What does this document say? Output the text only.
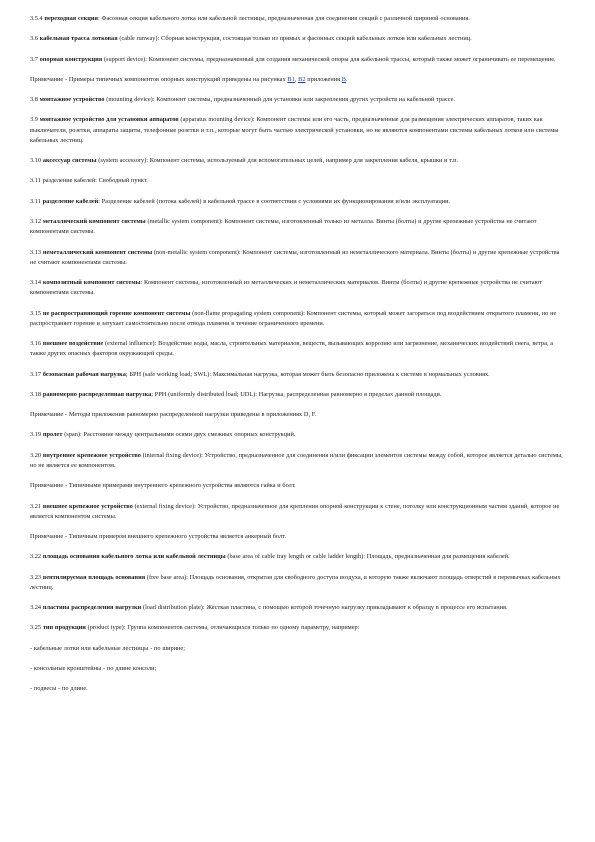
3.5.4 переходная секция: Фасонная секция кабельного лотка или кабельной лестницы, предназначенная для соединения секций с различной шириной основания.

3.6 кабельная трасса лотковая (cable runway): Сборная конструкция, состоящая только из прямых и фасонных секций кабельных лотков или кабельных лестниц.

3.7 опорная конструкция (support device): Компонент системы, предназначенный для создания механической опоры для кабельной трассы, который также может ограничивать ее перемещение.

Примечание - Примеры типичных компонентов опорных конструкций приведены на рисунках В1, В2 приложения В.

3.8 монтажное устройство (mounting device): Компонент системы, предназначенный для установки или закрепления других устройств на кабельной трассе.

3.9 монтажное устройство для установки аппаратов (apparatus mounting device): Компонент системы или его часть, предназначенные для размещения электрических аппаратов, таких как выключатели, розетки, аппараты защиты, телефонные розетки и т.п., которые могут быть частью электрической установки, но не являются компонентами системы кабельных лотков или системы кабельных лестниц.

3.10 аксессуар системы (system accessory): Компонент системы, используемый для вспомогательных целей, например для закрепления кабеля, крышки и т.п.

3.11 разделение кабелей: Свободный пункт.

3.11 разделение кабелей: Разделение кабелей (потока кабелей) в кабельной трассе в соответствии с условиями их функционирования и/или эксплуатации.

3.12 металлический компонент системы (metallic system component): Компонент системы, изготовленный только из металла. Винты (болты) и другие крепежные устройства не считают компонентами системы.

3.13 неметаллический компонент системы (non-metallic system component): Компонент системы, изготовленный из неметаллического материала. Винты (болты) и другие крепежные устройства не считают компонентами системы.

3.14 композитный компонент системы: Компонент системы, изготовленный из металлических и неметаллических материалов. Винты (болты) и другие крепежные устройства не считают компонентами системы.

3.15 не распространяющий горение компонент системы (non-flame propagating system component): Компонент системы, который может загораться под воздействием открытого пламени, но не распространяет горение и затухает самостоятельно после отвода пламени в течение ограниченного времени.

3.16 внешнее воздействие (external influence): Воздействие воды, масла, строительных материалов, веществ, вызывающих коррозию или загрязнение, механических воздействий снега, ветра, а также других опасных факторов окружающей среды.

3.17 безопасная рабочая нагрузка; БРН (safe working load; SWL): Максимальная нагрузка, которая может быть безопасно приложена к системе в нормальных условиях.

3.18 равномерно распределенная нагрузка; РРН (uniformly distributed load; UDL): Нагрузка, распределенная равномерно в пределах данной площади.

Примечание - Методы приложения равномерно распределенной нагрузки приведены в приложениях D, F.

3.19 пролет (span): Расстояние между центральными осями двух смежных опорных конструкций.

3.20 внутреннее крепежное устройство (internal fixing device): Устройство, предназначенное для соединения и/или фиксации элементов системы между собой, которое является деталью системы, но не является ее компонентом.

Примечание - Типичными примерами внутреннего крепежного устройства являются гайка и болт.

3.21 внешнее крепежное устройство (external fixing device): Устройство, предназначенное для крепления опорной конструкции к стене, потолку или конструкционным частям зданий, которое не является компонентом системы.

Примечание - Типичным примером внешнего крепежного устройства является анкерный болт.

3.22 площадь основания кабельного лотка или кабельной лестницы (base area of cable tray length or cable ladder length): Площадь, предназначенная для размещения кабелей.

3.23 вентилируемая площадь основания (free base area): Площадь основания, открытая для свободного доступа воздуха, в которую также включают площадь отверстий в перемычках кабельных лестниц.

3.24 пластина распределения нагрузки (load distribution plate): Жесткая пластина, с помощью которой точечную нагрузку прикладывают к образцу в процессе его испытания.

3.25 тип продукции (product type): Группа компонентов системы, отличающихся только по одному параметру, например:

- кабельные лотки или кабельные лестницы - по ширине;

- консольные кронштейны - по длине консоли;

- подвесы - по длине.
